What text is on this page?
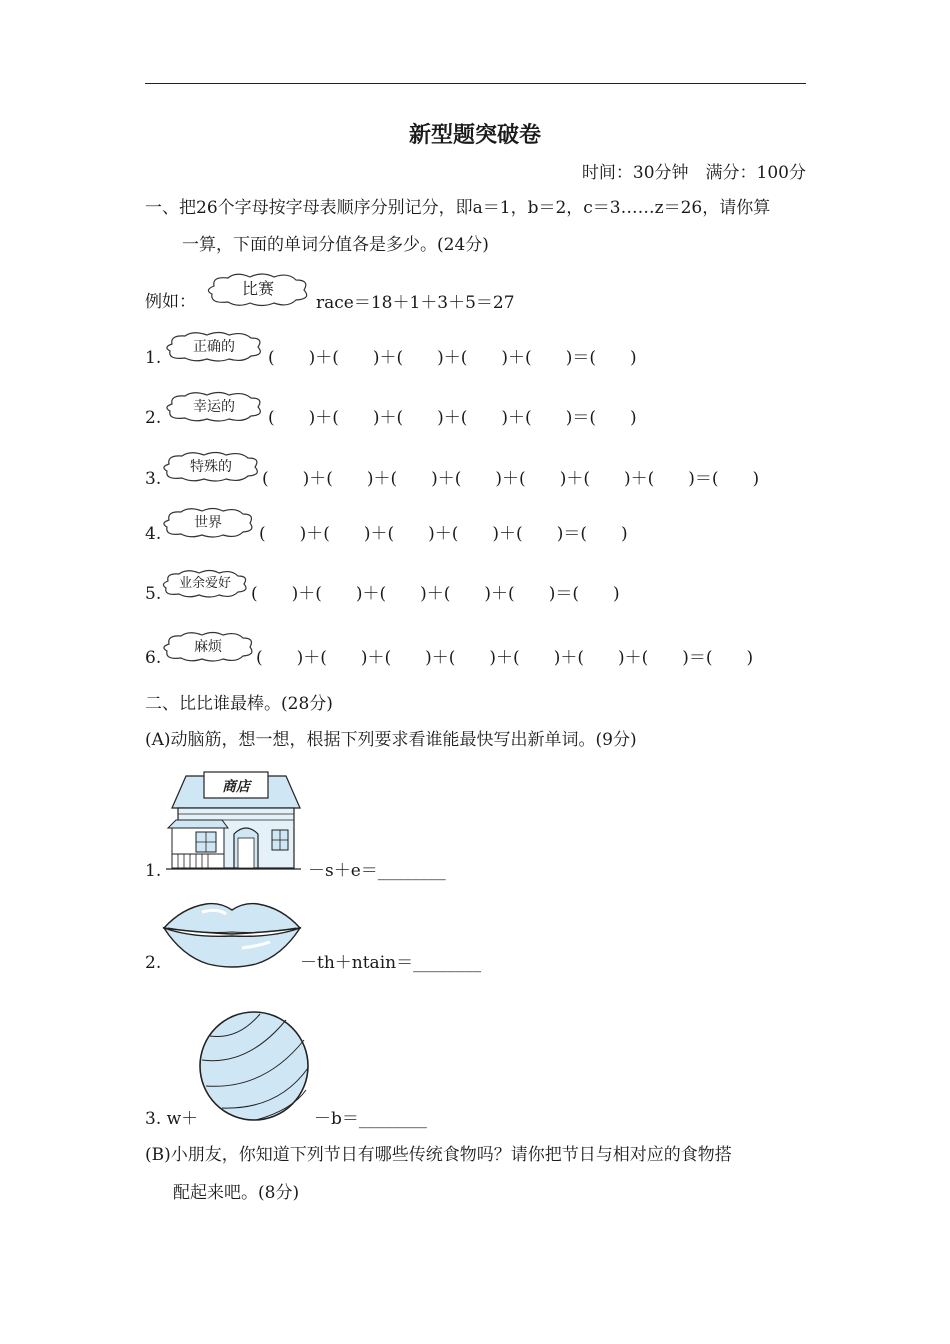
新型题突破卷
时间：30分钟　满分：100分
一、把26个字母按字母表顺序分别记分，即a＝1，b＝2，c＝3……z＝26，请你算
一算，下面的单词分值各是多少。(24分)
例如：
比赛
race＝18＋1＋3＋5＝27
1.
正确的
(　　)＋(　　)＋(　　)＋(　　)＋(　　)＝(　　)
2.
幸运的
(　　)＋(　　)＋(　　)＋(　　)＋(　　)＝(　　)
3.
特殊的
(　　)＋(　　)＋(　　)＋(　　)＋(　　)＋(　　)＋(　　)＝(　　)
4.
世界
(　　)＋(　　)＋(　　)＋(　　)＋(　　)＝(　　)
5.
业余爱好
(　　)＋(　　)＋(　　)＋(　　)＋(　　)＝(　　)
6.
麻烦
(　　)＋(　　)＋(　　)＋(　　)＋(　　)＋(　　)＋(　　)＝(　　)
二、比比谁最棒。(28分)
(A)动脑筋，想一想，根据下列要求看谁能最快写出新单词。(9分)
1.
商店
－s＋e＝________
2.	－th＋ntain＝________
3. w＋	－b＝________
(B)小朋友，你知道下列节日有哪些传统食物吗？请你把节日与相对应的食物搭
配起来吧。(8分)
